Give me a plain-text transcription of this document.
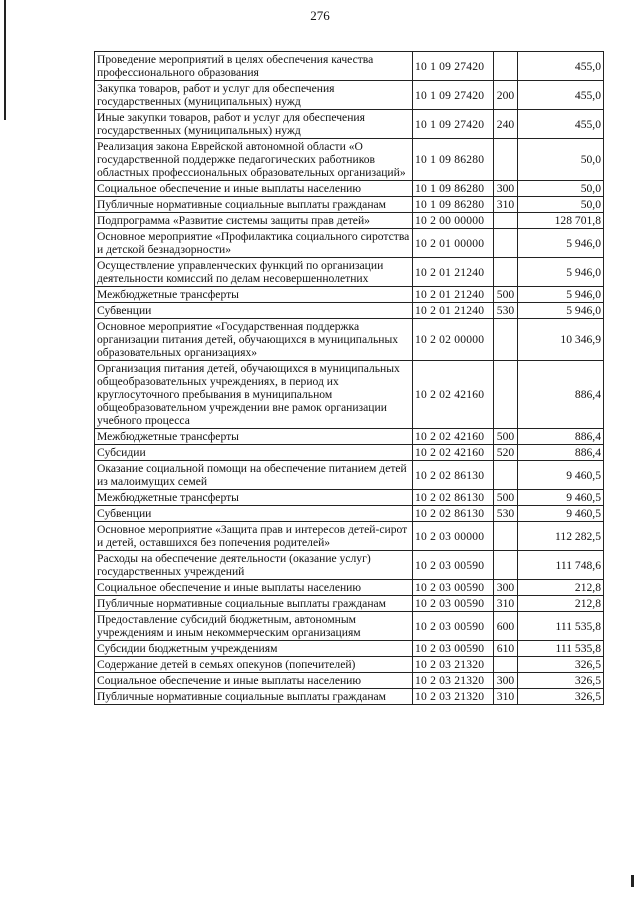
276
Проведение мероприятий в целях обеспечения качества профессионального образования	10 1 09 27420		455,0
Закупка товаров, работ и услуг для обеспечения государственных (муниципальных) нужд	10 1 09 27420	200	455,0
Иные закупки товаров, работ и услуг для обеспечения государственных (муниципальных) нужд	10 1 09 27420	240	455,0
Реализация закона Еврейской автономной области «О государственной поддержке педагогических работников областных профессиональных образовательных организаций»	10 1 09 86280		50,0
Социальное обеспечение и иные выплаты населению	10 1 09 86280	300	50,0
Публичные нормативные социальные выплаты гражданам	10 1 09 86280	310	50,0
Подпрограмма «Развитие системы защиты прав детей»	10 2 00 00000		128 701,8
Основное мероприятие «Профилактика социального сиротства и детской безнадзорности»	10 2 01 00000		5 946,0
Осуществление управленческих функций по организации деятельности комиссий по делам несовершеннолетних	10 2 01 21240		5 946,0
Межбюджетные трансферты	10 2 01 21240	500	5 946,0
Субвенции	10 2 01 21240	530	5 946,0
Основное мероприятие «Государственная поддержка организации питания детей, обучающихся в муниципальных образовательных организациях»	10 2 02 00000		10 346,9
Организация питания детей, обучающихся в муниципальных общеобразовательных учреждениях, в период их круглосуточного пребывания в муниципальном общеобразовательном учреждении вне рамок организации учебного процесса	10 2 02 42160		886,4
Межбюджетные трансферты	10 2 02 42160	500	886,4
Субсидии	10 2 02 42160	520	886,4
Оказание социальной помощи на обеспечение питанием детей из малоимущих семей	10 2 02 86130		9 460,5
Межбюджетные трансферты	10 2 02 86130	500	9 460,5
Субвенции	10 2 02 86130	530	9 460,5
Основное мероприятие «Защита прав и интересов детей-сирот и детей, оставшихся без попечения родителей»	10 2 03 00000		112 282,5
Расходы на обеспечение деятельности (оказание услуг) государственных учреждений	10 2 03 00590		111 748,6
Социальное обеспечение и иные выплаты населению	10 2 03 00590	300	212,8
Публичные нормативные социальные выплаты гражданам	10 2 03 00590	310	212,8
Предоставление субсидий бюджетным, автономным учреждениям и иным некоммерческим организациям	10 2 03 00590	600	111 535,8
Субсидии бюджетным учреждениям	10 2 03 00590	610	111 535,8
Содержание детей в семьях опекунов (попечителей)	10 2 03 21320		326,5
Социальное обеспечение и иные выплаты населению	10 2 03 21320	300	326,5
Публичные нормативные социальные выплаты гражданам	10 2 03 21320	310	326,5
